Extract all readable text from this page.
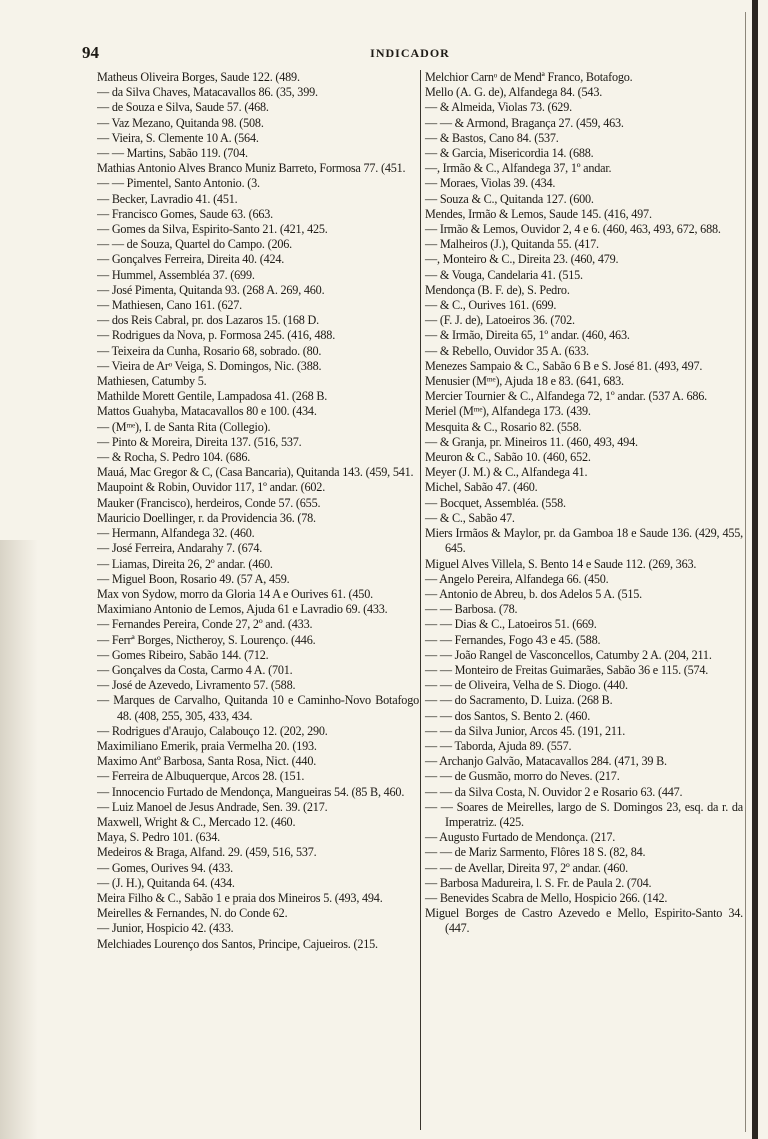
94	INDICADOR

Matheus Oliveira Borges, Saude 122. (489.

— da Silva Chaves, Matacavallos 86. (35, 399.

— de Souza e Silva, Saude 57. (468.

— Vaz Mezano, Quitanda 98. (508.

— Vieira, S. Clemente 10 A. (564.

— — Martins, Sabão 119. (704.

Mathias Antonio Alves Branco Muniz Barreto, Formosa 77. (451.

— — Pimentel, Santo Antonio. (3.

— Becker, Lavradio 41. (451.

— Francisco Gomes, Saude 63. (663.

— Gomes da Silva, Espirito-Santo 21. (421, 425.

— — de Souza, Quartel do Campo. (206.

— Gonçalves Ferreira, Direita 40. (424.

— Hummel, Assembléa 37. (699.

— José Pimenta, Quitanda 93. (268 A. 269, 460.

— Mathiesen, Cano 161. (627.

— dos Reis Cabral, pr. dos Lazaros 15. (168 D.

— Rodrigues da Nova, p. Formosa 245. (416, 488.

— Teixeira da Cunha, Rosario 68, sobrado. (80.

— Vieira de Arᵒ Veiga, S. Domingos, Nic. (388.

Mathiesen, Catumby 5.

Mathilde Morett Gentile, Lampadosa 41. (268 B.

Mattos Guahyba, Matacavallos 80 e 100. (434.

— (Mᵐᵉ), I. de Santa Rita (Collegio).

— Pinto & Moreira, Direita 137. (516, 537.

— & Rocha, S. Pedro 104. (686.

Mauá, Mac Gregor & C, (Casa Bancaria), Quitanda 143. (459, 541.

Maupoint & Robin, Ouvidor 117, 1º andar. (602.

Mauker (Francisco), herdeiros, Conde 57. (655.

Mauricio Doellinger, r. da Providencia 36. (78.

— Hermann, Alfandega 32. (460.

— José Ferreira, Andarahy 7. (674.

— Liamas, Direita 26, 2º andar. (460.

— Miguel Boon, Rosario 49. (57 A, 459.

Max von Sydow, morro da Gloria 14 A e Ourives 61. (450.

Maximiano Antonio de Lemos, Ajuda 61 e Lavradio 69. (433.

— Fernandes Pereira, Conde 27, 2º and. (433.

— Ferrª Borges, Nictheroy, S. Lourenço. (446.

— Gomes Ribeiro, Sabão 144. (712.

— Gonçalves da Costa, Carmo 4 A. (701.

— José de Azevedo, Livramento 57. (588.

— Marques de Carvalho, Quitanda 10 e Caminho-Novo Botafogo 48. (408, 255, 305, 433, 434.

— Rodrigues d'Araujo, Calabouço 12. (202, 290.

Maximiliano Emerik, praia Vermelha 20. (193.

Maximo Antº Barbosa, Santa Rosa, Nict. (440.

— Ferreira de Albuquerque, Arcos 28. (151.

— Innocencio Furtado de Mendonça, Mangueiras 54. (85 B, 460.

— Luiz Manoel de Jesus Andrade, Sen. 39. (217.

Maxwell, Wright & C., Mercado 12. (460.

Maya, S. Pedro 101. (634.

Medeiros & Braga, Alfand. 29. (459, 516, 537.

— Gomes, Ourives 94. (433.

— (J. H.), Quitanda 64. (434.

Meira Filho & C., Sabão 1 e praia dos Mineiros 5. (493, 494.

Meirelles & Fernandes, N. do Conde 62.

— Junior, Hospicio 42. (433.

Melchiades Lourenço dos Santos, Principe, Cajueiros. (215.

Melchior Carnᵒ de Mendª Franco, Botafogo.

Mello (A. G. de), Alfandega 84. (543.

— & Almeida, Violas 73. (629.

— — & Armond, Bragança 27. (459, 463.

— & Bastos, Cano 84. (537.

— & Garcia, Misericordia 14. (688.

—, Irmão & C., Alfandega 37, 1º andar.

— Moraes, Violas 39. (434.

— Souza & C., Quitanda 127. (600.

Mendes, Irmão & Lemos, Saude 145. (416, 497.

— Irmão & Lemos, Ouvidor 2, 4 e 6. (460, 463, 493, 672, 688.

— Malheiros (J.), Quitanda 55. (417.

—, Monteiro & C., Direita 23. (460, 479.

— & Vouga, Candelaria 41. (515.

Mendonça (B. F. de), S. Pedro.

— & C., Ourives 161. (699.

— (F. J. de), Latoeiros 36. (702.

— & Irmão, Direita 65, 1º andar. (460, 463.

— & Rebello, Ouvidor 35 A. (633.

Menezes Sampaio & C., Sabão 6 B e S. José 81. (493, 497.

Menusier (Mᵐᵉ), Ajuda 18 e 83. (641, 683.

Mercier Tournier & C., Alfandega 72, 1º andar. (537 A. 686.

Meriel (Mᵐᵉ), Alfandega 173. (439.

Mesquita & C., Rosario 82. (558.

— & Granja, pr. Mineiros 11. (460, 493, 494.

Meuron & C., Sabão 10. (460, 652.

Meyer (J. M.) & C., Alfandega 41.

Michel, Sabão 47. (460.

— Bocquet, Assembléa. (558.

— & C., Sabão 47.

Miers Irmãos & Maylor, pr. da Gamboa 18 e Saude 136. (429, 455, 645.

Miguel Alves Villela, S. Bento 14 e Saude 112. (269, 363.

— Angelo Pereira, Alfandega 66. (450.

— Antonio de Abreu, b. dos Adelos 5 A. (515.

— — Barbosa. (78.

— — Dias & C., Latoeiros 51. (669.

— — Fernandes, Fogo 43 e 45. (588.

— — João Rangel de Vasconcellos, Catumby 2 A. (204, 211.

— — Monteiro de Freitas Guimarães, Sabão 36 e 115. (574.

— — de Oliveira, Velha de S. Diogo. (440.

— — do Sacramento, D. Luiza. (268 B.

— — dos Santos, S. Bento 2. (460.

— — da Silva Junior, Arcos 45. (191, 211.

— — Taborda, Ajuda 89. (557.

— Archanjo Galvão, Matacavallos 284. (471, 39 B.

— — de Gusmão, morro do Neves. (217.

— — da Silva Costa, N. Ouvidor 2 e Rosario 63. (447.

— — Soares de Meirelles, largo de S. Domingos 23, esq. da r. da Imperatriz. (425.

— Augusto Furtado de Mendonça. (217.

— — de Mariz Sarmento, Flôres 18 S. (82, 84.

— — de Avellar, Direita 97, 2º andar. (460.

— Barbosa Madureira, l. S. Fr. de Paula 2. (704.

— Benevides Scabra de Mello, Hospicio 266. (142.

Miguel Borges de Castro Azevedo e Mello, Espirito-Santo 34. (447.
